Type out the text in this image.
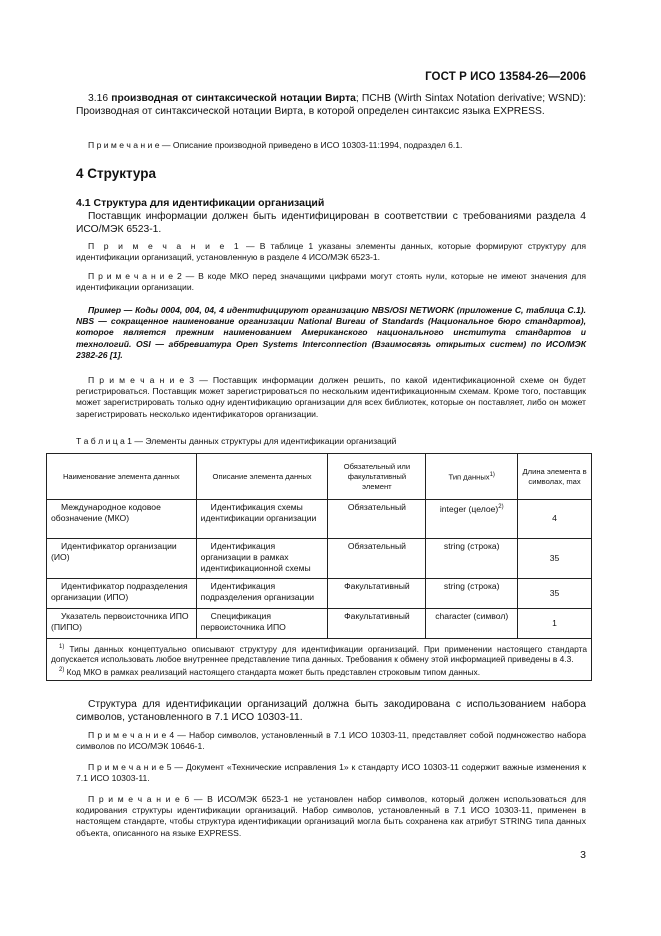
ГОСТ Р ИСО 13584-26—2006
3.16 производная от синтаксической нотации Вирта; ПСНВ (Wirth Sintax Notation derivative; WSND): Производная от синтаксической нотации Вирта, в которой определен синтаксис языка EXPRESS.
П р и м е ч а н и е — Описание производной приведено в ИСО 10303-11:1994, подраздел 6.1.
4 Структура
4.1 Структура для идентификации организаций
Поставщик информации должен быть идентифицирован в соответствии с требованиями раздела 4 ИСО/МЭК 6523-1.
П р и м е ч а н и е 1 — В таблице 1 указаны элементы данных, которые формируют структуру для идентификации организаций, установленную в разделе 4 ИСО/МЭК 6523-1.
П р и м е ч а н и е 2 — В коде МКО перед значащими цифрами могут стоять нули, которые не имеют значения для идентификации организации.
Пример — Коды 0004, 004, 04, 4 идентифицируют организацию NBS/OSI NETWORK (приложение С, таблица С.1). NBS — сокращенное наименование организации National Bureau of Standards (Национальное бюро стандартов), которое является прежним наименованием Американского национального института стандартов и технологий. OSI — аббревиатура Open Systems Interconnection (Взаимосвязь открытых систем) по ИСО/МЭК 2382-26 [1].
П р и м е ч а н и е 3 — Поставщик информации должен решить, по какой идентификационной схеме он будет регистрироваться. Поставщик может зарегистрироваться по нескольким идентификационным схемам. Кроме того, поставщик может зарегистрировать только одну идентификацию организации для всех библиотек, которые он поставляет, либо он может зарегистрировать несколько идентификаторов организации.
Т а б л и ц а 1 — Элементы данных структуры для идентификации организаций
Наименование элемента данных	Описание элемента данных	Обязательный или факультативный элемент	Тип данных$^{1)}$	Длина элемента в символах, max
Международное кодовое обозначение (МКО)	Идентификация схемы идентификации организации	Обязательный	integer (целое)$^{2)}$	4
Идентификатор организации (ИО)	Идентификация организации в рамках идентификационной схемы	Обязательный	string (строка)	35
Идентификатор подразделения организации (ИПО)	Идентификация подразделения организации	Факультативный	string (строка)	35
Указатель первоисточника ИПО (ПИПО)	Спецификация первоисточника ИПО	Факультативный	character (символ)	1

$^{1)}$ Типы данных концептуально описывают структуру для идентификации организаций. При применении настоящего стандарта допускается использовать любое внутреннее представление типа данных. Требования к обмену этой информацией приведены в 4.3.
$^{2)}$ Код МКО в рамках реализаций настоящего стандарта может быть представлен строковым типом данных.				
Структура для идентификации организаций должна быть закодирована с использованием набора символов, установленного в 7.1 ИСО 10303-11.
П р и м е ч а н и е 4 — Набор символов, установленный в 7.1 ИСО 10303-11, представляет собой подмножество набора символов по ИСО/МЭК 10646-1.
П р и м е ч а н и е 5 — Документ «Технические исправления 1» к стандарту ИСО 10303-11 содержит важные изменения к 7.1 ИСО 10303-11.
П р и м е ч а н и е 6 — В ИСО/МЭК 6523-1 не установлен набор символов, который должен использоваться для кодирования структуры идентификации организаций. Набор символов, установленный в 7.1 ИСО 10303-11, применен в настоящем стандарте, чтобы структура идентификации организаций могла быть сохранена как атрибут STRING типа данных объекта, описанного на языке EXPRESS.
3
